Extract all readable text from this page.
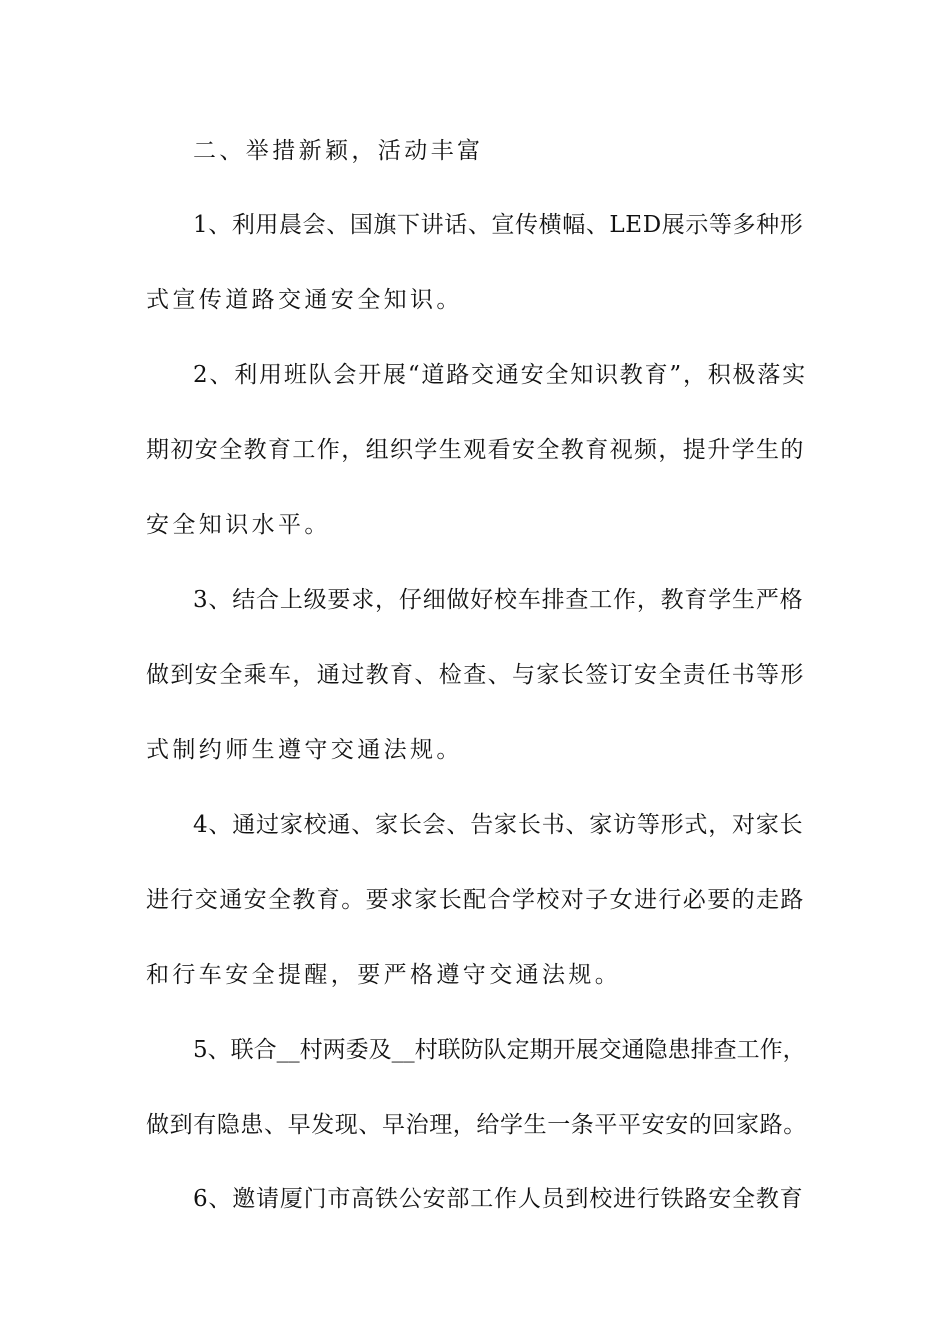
二、举措新颖，活动丰富

1、利用晨会、国旗下讲话、宣传横幅、LED展示等多种形

式宣传道路交通安全知识。

2、利用班队会开展“道路交通安全知识教育”，积极落实

期初安全教育工作，组织学生观看安全教育视频，提升学生的

安全知识水平。

3、结合上级要求，仔细做好校车排查工作，教育学生严格

做到安全乘车，通过教育、检查、与家长签订安全责任书等形

式制约师生遵守交通法规。

4、通过家校通、家长会、告家长书、家访等形式，对家长

进行交通安全教育。要求家长配合学校对子女进行必要的走路

和行车安全提醒，要严格遵守交通法规。

5、联合__村两委及__村联防队定期开展交通隐患排查工作，

做到有隐患、早发现、早治理，给学生一条平平安安的回家路。

6、邀请厦门市高铁公安部工作人员到校进行铁路安全教育
